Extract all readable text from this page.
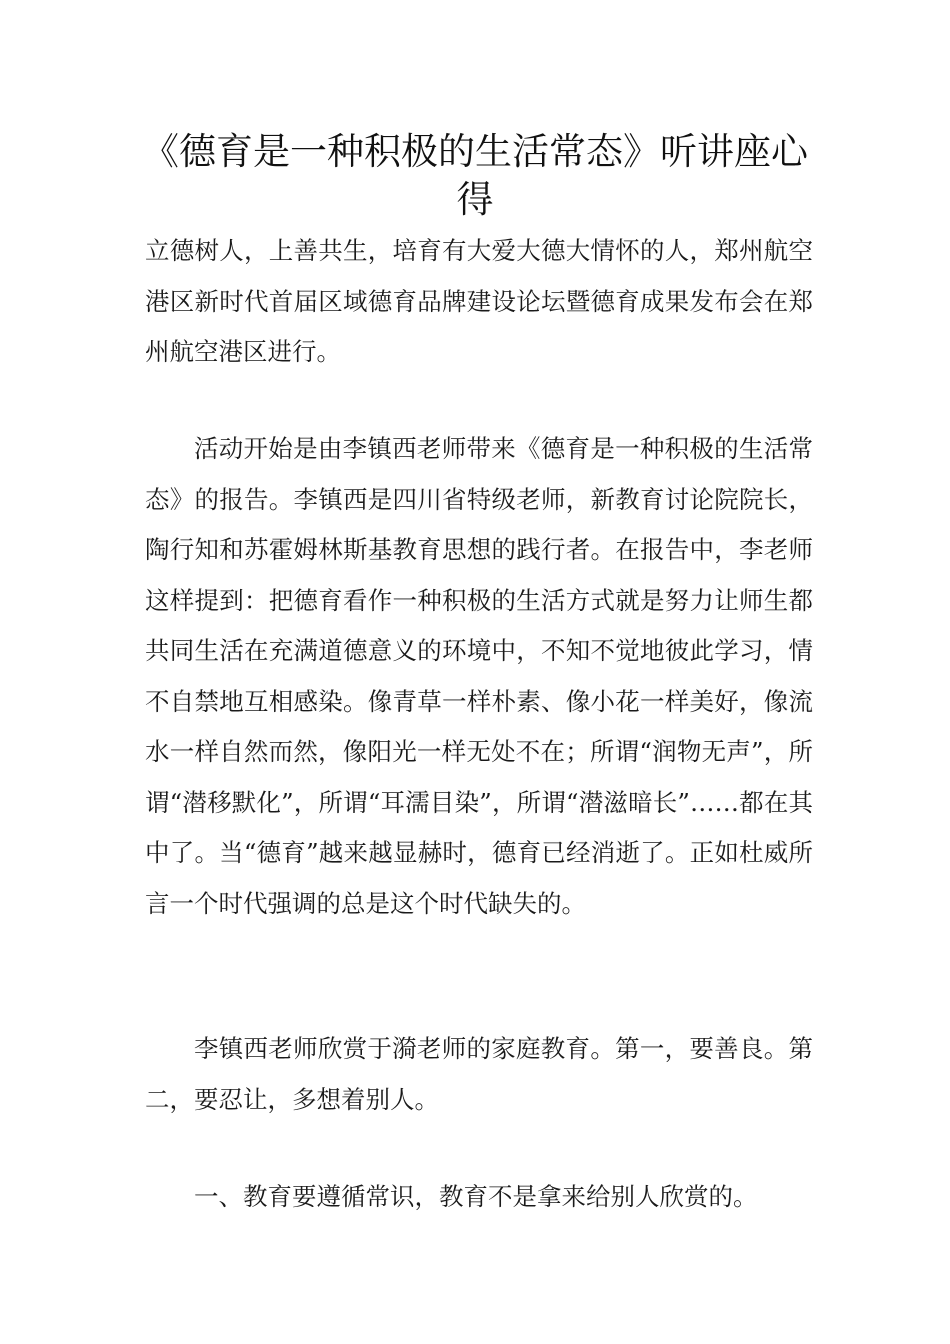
《德育是一种积极的生活常态》听讲座心得

立德树人，上善共生，培育有大爱大德大情怀的人，郑州航空港区新时代首届区域德育品牌建设论坛暨德育成果发布会在郑州航空港区进行。

活动开始是由李镇西老师带来《德育是一种积极的生活常态》的报告。李镇西是四川省特级老师，新教育讨论院院长，陶行知和苏霍姆林斯基教育思想的践行者。在报告中，李老师这样提到：把德育看作一种积极的生活方式就是努力让师生都共同生活在充满道德意义的环境中，不知不觉地彼此学习，情不自禁地互相感染。像青草一样朴素、像小花一样美好，像流水一样自然而然，像阳光一样无处不在；所谓“润物无声”，所谓“潜移默化”，所谓“耳濡目染”，所谓“潜滋暗长”……都在其中了。当“德育”越来越显赫时，德育已经消逝了。正如杜威所言一个时代强调的总是这个时代缺失的。

李镇西老师欣赏于漪老师的家庭教育。第一，要善良。第二，要忍让，多想着别人。

一、教育要遵循常识，教育不是拿来给别人欣赏的。
